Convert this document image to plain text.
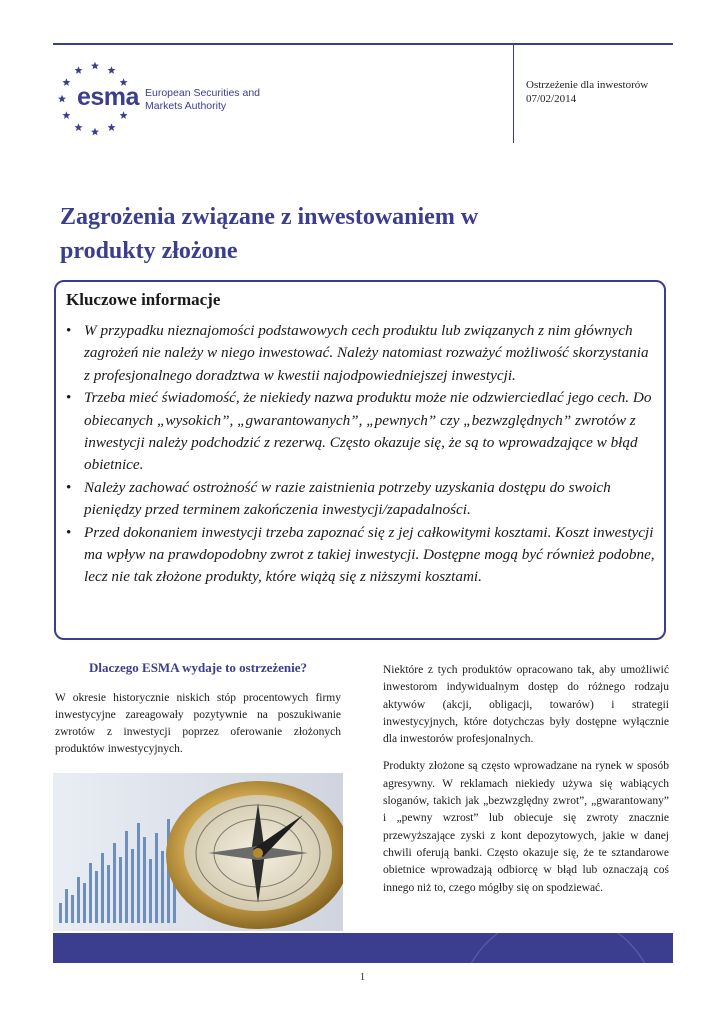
esma European Securities and
Markets Authority
Ostrzeżenie dla inwestorów
07/02/2014
Zagrożenia związane z inwestowaniem w
produkty złożone
Kluczowe informacje
• W przypadku nieznajomości podstawowych cech produktu lub związanych z nim głównych zagrożeń nie należy w niego inwestować. Należy natomiast rozważyć możliwość skorzystania z profesjonalnego doradztwa w kwestii najodpowiedniejszej inwestycji.
• Trzeba mieć świadomość, że niekiedy nazwa produktu może nie odzwierciedlać jego cech. Do obiecanych „wysokich”, „gwarantowanych”, „pewnych” czy „bezwzględnych” zwrotów z inwestycji należy podchodzić z rezerwą. Często okazuje się, że są to wprowadzające w błąd obietnice.
• Należy zachować ostrożność w razie zaistnienia potrzeby uzyskania dostępu do swoich pieniędzy przed terminem zakończenia inwestycji/zapadalności.
• Przed dokonaniem inwestycji trzeba zapoznać się z jej całkowitymi kosztami. Koszt inwestycji ma wpływ na prawdopodobny zwrot z takiej inwestycji. Dostępne mogą być również podobne, lecz nie tak złożone produkty, które wiążą się z niższymi kosztami.
Dlaczego ESMA wydaje to ostrzeżenie?

W okresie historycznie niskich stóp procentowych firmy inwestycyjne zareagowały pozytywnie na poszukiwanie zwrotów z inwestycji poprzez oferowanie złożonych produktów inwestycyjnych.

Niektóre z tych produktów opracowano tak, aby umożliwić inwestorom indywidualnym dostęp do różnego rodzaju aktywów (akcji, obligacji, towarów) i strategii inwestycyjnych, które dotychczas były dostępne wyłącznie dla inwestorów profesjonalnych.

Produkty złożone są często wprowadzane na rynek w sposób agresywny. W reklamach niekiedy używa się wabiących sloganów, takich jak „bezwzględny zwrot”, „gwarantowany” i „pewny wzrost” lub obiecuje się zwroty znacznie przewyższające zyski z kont depozytowych, jakie w danej chwili oferują banki. Często okazuje się, że te sztandarowe obietnice wprowadzają odbiorcę w błąd lub oznaczają coś innego niż to, czego mógłby się on spodziewać.

1
